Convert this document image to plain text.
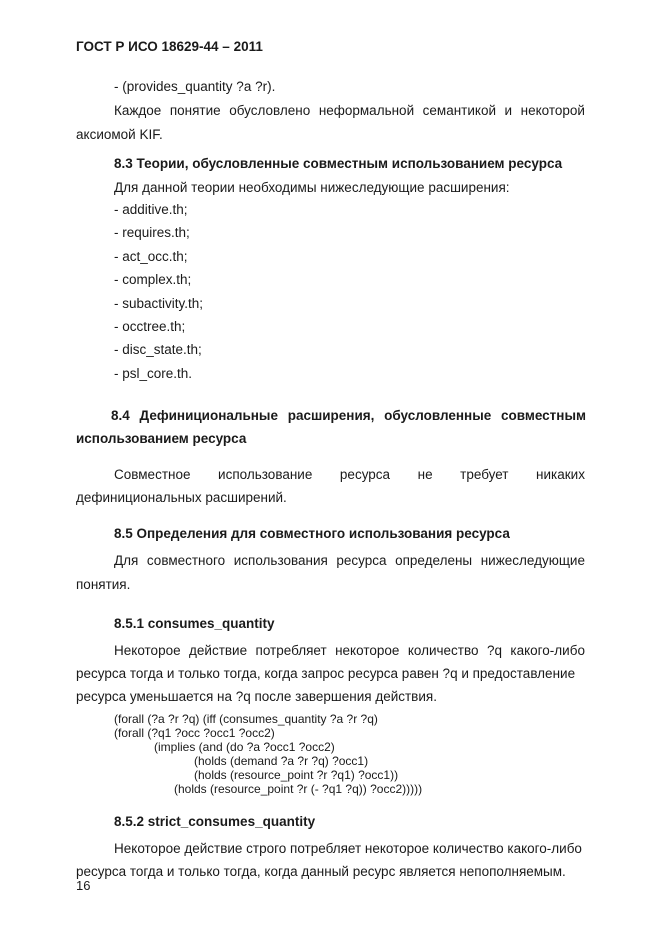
ГОСТ Р ИСО 18629-44 – 2011
- (provides_quantity ?a ?r).
Каждое понятие обусловлено неформальной семантикой и некоторой
аксиомой KIF.
8.3 Теории, обусловленные совместным использованием ресурса
Для данной теории необходимы нижеследующие расширения:
- additive.th;
- requires.th;
- act_occ.th;
- complex.th;
- subactivity.th;
- occtree.th;
- disc_state.th;
- psl_core.th.
8.4 Дефинициональные расширения, обусловленные совместным
использованием ресурса
Совместное использование ресурса не требует никаких
дефинициональных расширений.
8.5 Определения для совместного использования ресурса
Для совместного использования ресурса определены нижеследующие
понятия.
8.5.1 consumes_quantity
Некоторое действие потребляет некоторое количество ?q какого-либо
ресурса тогда и только тогда, когда запрос ресурса равен ?q и предоставление
ресурса уменьшается на ?q после завершения действия.
(forall (?a ?r ?q) (iff (consumes_quantity ?a ?r ?q)
(forall (?q1 ?occ ?occ1 ?occ2)
(implies (and (do ?a ?occ1 ?occ2)
(holds (demand ?a ?r ?q) ?occ1)
(holds (resource_point ?r ?q1) ?occ1))
(holds (resource_point ?r (- ?q1 ?q)) ?occ2)))))
8.5.2 strict_consumes_quantity
Некоторое действие строго потребляет некоторое количество какого-либо
ресурса тогда и только тогда, когда данный ресурс является непополняемым.
16
